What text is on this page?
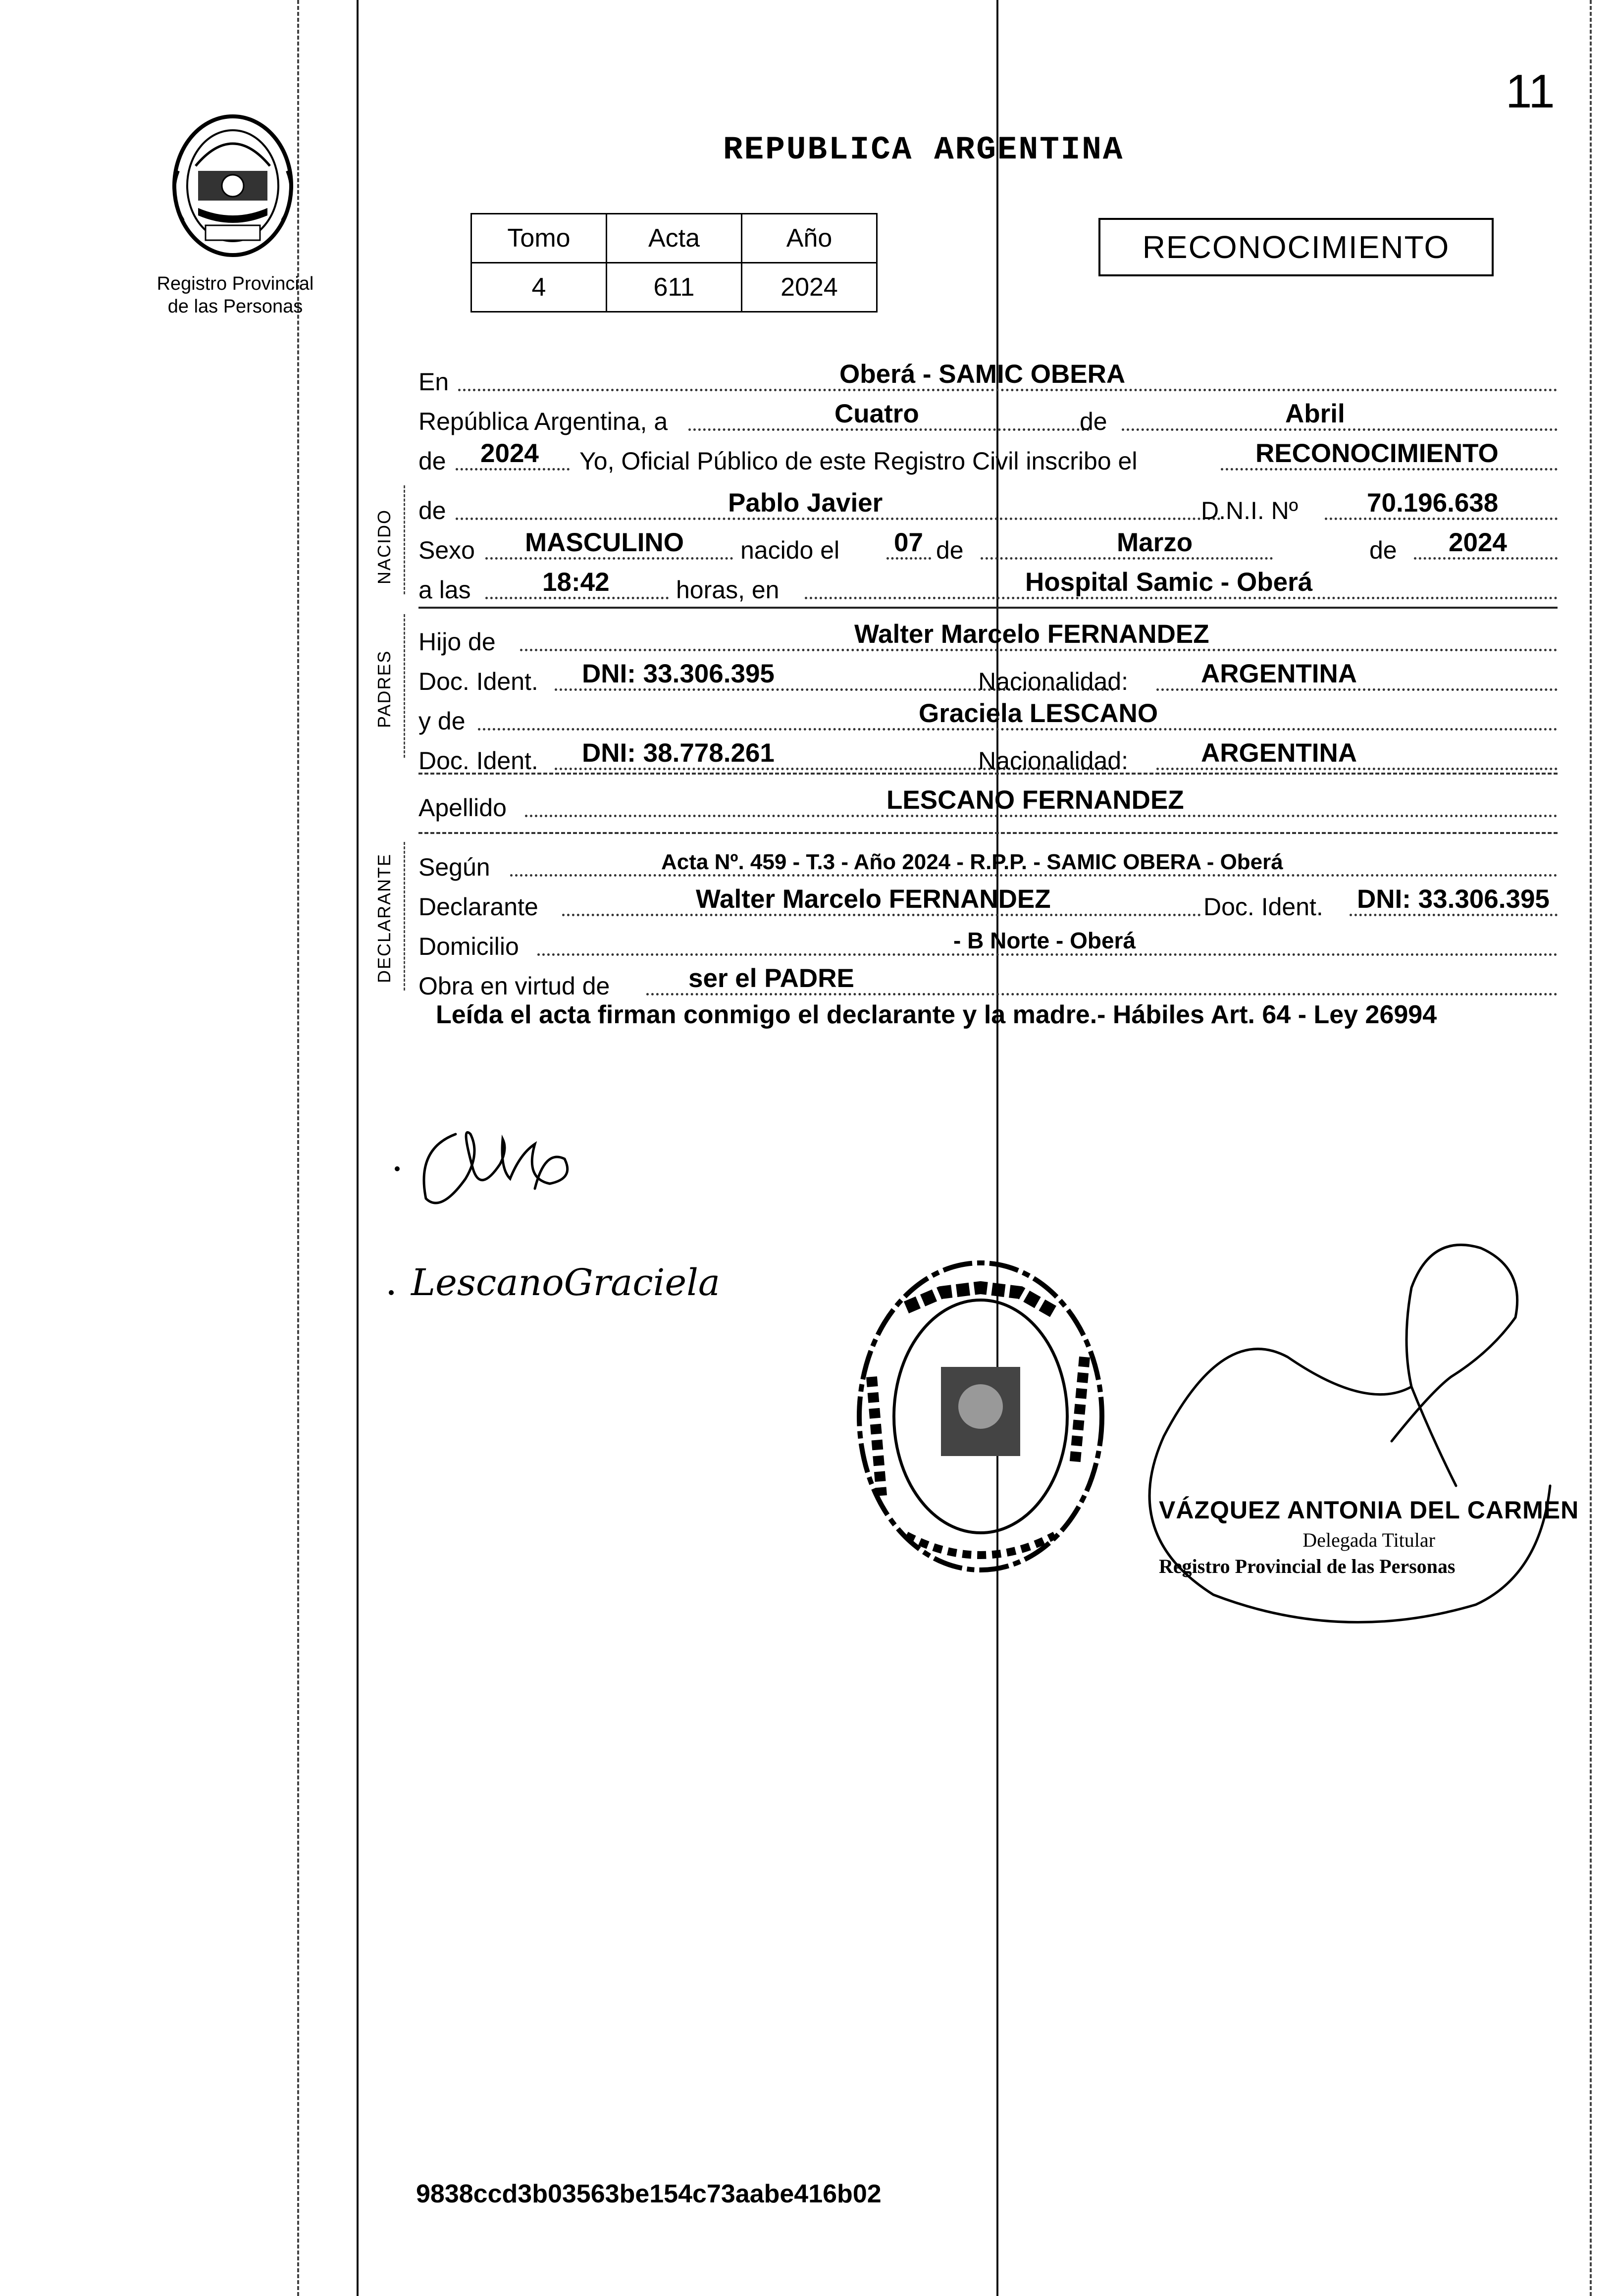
11
Registro Provincial
de las Personas
REPUBLICA ARGENTINA
Tomo	Acta	Año
4	611	2024
RECONOCIMIENTO
En	Oberá - SAMIC OBERA
República Argentina, a	Cuatro	de	Abril
de 2024 Yo, Oficial Público de este Registro Civil inscribo el	RECONOCIMIENTO
NACIDO de	Pablo Javier	D.N.I. Nº	70.196.638
Sexo MASCULINO nacido el 07 de	Marzo	de 2024
a las	18:42	horas, en	Hospital Samic - Oberá
PADRES
Hijo de	Walter Marcelo FERNANDEZ
Doc. Ident. DNI: 33.306.395	Nacionalidad:	ARGENTINA
y de	Graciela LESCANO
Doc. Ident. DNI: 38.778.261	Nacionalidad:	ARGENTINA
Apellido	LESCANO FERNANDEZ
DECLARANTE Según	Acta Nº. 459 - T.3 - Año 2024 - R.P.P. - SAMIC OBERA - Oberá
Declarante	Walter Marcelo FERNANDEZ	Doc. Ident. DNI: 33.306.395
Domicilio	- B Norte - Oberá
Obra en virtud de	ser el PADRE
Leída el acta firman conmigo el declarante y la madre.- Hábiles Art. 64 - Ley 26994
LescanoGraciela
VÁZQUEZ ANTONIA DEL CARMEN
Delegada Titular
Registro Provincial de las Personas
9838ccd3b03563be154c73aabe416b02
